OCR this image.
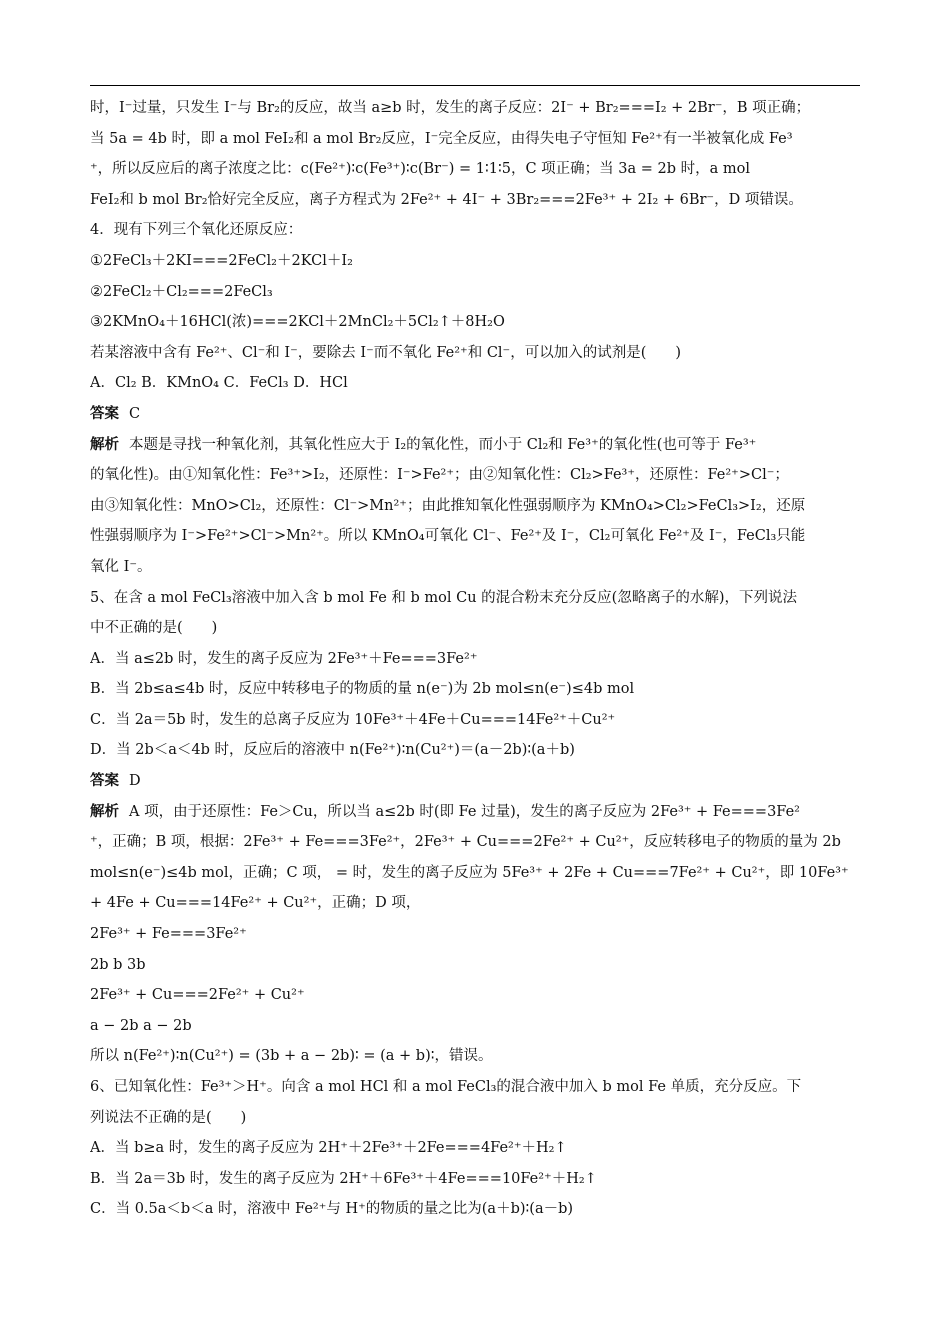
时，I⁻过量，只发生 I⁻与 Br₂的反应，故当 a≥b 时，发生的离子反应：2I⁻ + Br₂===I₂ + 2Br⁻，B 项正确；
当 5a = 4b 时，即 a mol FeI₂和 a mol Br₂反应，I⁻完全反应，由得失电子守恒知 Fe²⁺有一半被氧化成 Fe³
⁺，所以反应后的离子浓度之比：c(Fe²⁺)∶c(Fe³⁺)∶c(Br⁻) = 1∶1∶5，C 项正确；当 3a = 2b 时，a mol
FeI₂和 b mol Br₂恰好完全反应，离子方程式为 2Fe²⁺ + 4I⁻ + 3Br₂===2Fe³⁺ + 2I₂ + 6Br⁻，D 项错误。
4．现有下列三个氧化还原反应：
①2FeCl₃＋2KI===2FeCl₂＋2KCl＋I₂
②2FeCl₂＋Cl₂===2FeCl₃
③2KMnO₄＋16HCl(浓)===2KCl＋2MnCl₂＋5Cl₂↑＋8H₂O
若某溶液中含有 Fe²⁺、Cl⁻和 I⁻，要除去 I⁻而不氧化 Fe²⁺和 Cl⁻，可以加入的试剂是(　　)
A．Cl₂ B．KMnO₄ C．FeCl₃ D．HCl
答案 C
解析 本题是寻找一种氧化剂，其氧化性应大于 I₂的氧化性，而小于 Cl₂和 Fe³⁺的氧化性(也可等于 Fe³⁺
的氧化性)。由①知氧化性：Fe³⁺>I₂，还原性：I⁻>Fe²⁺；由②知氧化性：Cl₂>Fe³⁺，还原性：Fe²⁺>Cl⁻；
由③知氧化性：MnO>Cl₂，还原性：Cl⁻>Mn²⁺；由此推知氧化性强弱顺序为 KMnO₄>Cl₂>FeCl₃>I₂，还原
性强弱顺序为 I⁻>Fe²⁺>Cl⁻>Mn²⁺。所以 KMnO₄可氧化 Cl⁻、Fe²⁺及 I⁻，Cl₂可氧化 Fe²⁺及 I⁻，FeCl₃只能
氧化 I⁻。
5、在含 a mol FeCl₃溶液中加入含 b mol Fe 和 b mol Cu 的混合粉末充分反应(忽略离子的水解)，下列说法
中不正确的是(　　)
A．当 a≤2b 时，发生的离子反应为 2Fe³⁺＋Fe===3Fe²⁺
B．当 2b≤a≤4b 时，反应中转移电子的物质的量 n(e⁻)为 2b mol≤n(e⁻)≤4b mol
C．当 2a＝5b 时，发生的总离子反应为 10Fe³⁺＋4Fe＋Cu===14Fe²⁺＋Cu²⁺
D．当 2b＜a＜4b 时，反应后的溶液中 n(Fe²⁺)∶n(Cu²⁺)＝(a－2b)∶(a＋b)
答案 D
解析 A 项，由于还原性：Fe＞Cu，所以当 a≤2b 时(即 Fe 过量)，发生的离子反应为 2Fe³⁺ + Fe===3Fe²
⁺，正确；B 项，根据：2Fe³⁺ + Fe===3Fe²⁺，2Fe³⁺ + Cu===2Fe²⁺ + Cu²⁺，反应转移电子的物质的量为 2b
mol≤n(e⁻)≤4b mol，正确；C 项， = 时，发生的离子反应为 5Fe³⁺ + 2Fe + Cu===7Fe²⁺ + Cu²⁺，即 10Fe³⁺
+ 4Fe + Cu===14Fe²⁺ + Cu²⁺，正确；D 项，
2Fe³⁺ + Fe===3Fe²⁺
2b b 3b
2Fe³⁺ + Cu===2Fe²⁺ + Cu²⁺
a − 2b a − 2b
所以 n(Fe²⁺)∶n(Cu²⁺) = (3b + a − 2b)∶ = (a + b)∶，错误。
6、已知氧化性：Fe³⁺＞H⁺。向含 a mol HCl 和 a mol FeCl₃的混合液中加入 b mol Fe 单质，充分反应。下
列说法不正确的是(　　)
A．当 b≥a 时，发生的离子反应为 2H⁺＋2Fe³⁺＋2Fe===4Fe²⁺＋H₂↑
B．当 2a＝3b 时，发生的离子反应为 2H⁺＋6Fe³⁺＋4Fe===10Fe²⁺＋H₂↑
C．当 0.5a＜b＜a 时，溶液中 Fe²⁺与 H⁺的物质的量之比为(a＋b)∶(a－b)
